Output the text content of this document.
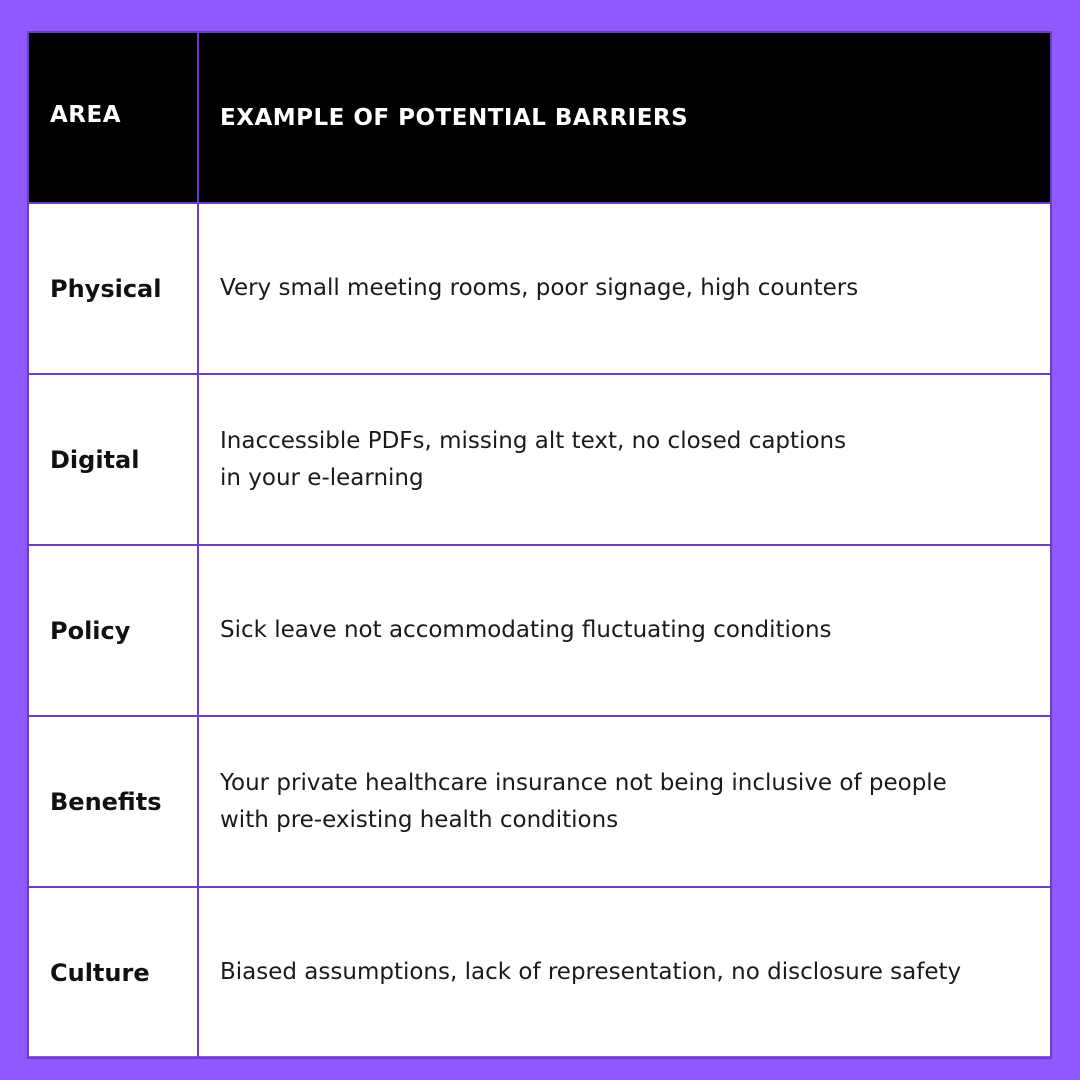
AREA	EXAMPLE OF POTENTIAL BARRIERS
Physical	Very small meeting rooms, poor signage, high counters
Digital	Inaccessible PDFs, missing alt text, no closed captions
in your e-learning
Policy	Sick leave not accommodating fluctuating conditions
Benefits	Your private healthcare insurance not being inclusive of people
with pre-existing health conditions
Culture	Biased assumptions, lack of representation, no disclosure safety
